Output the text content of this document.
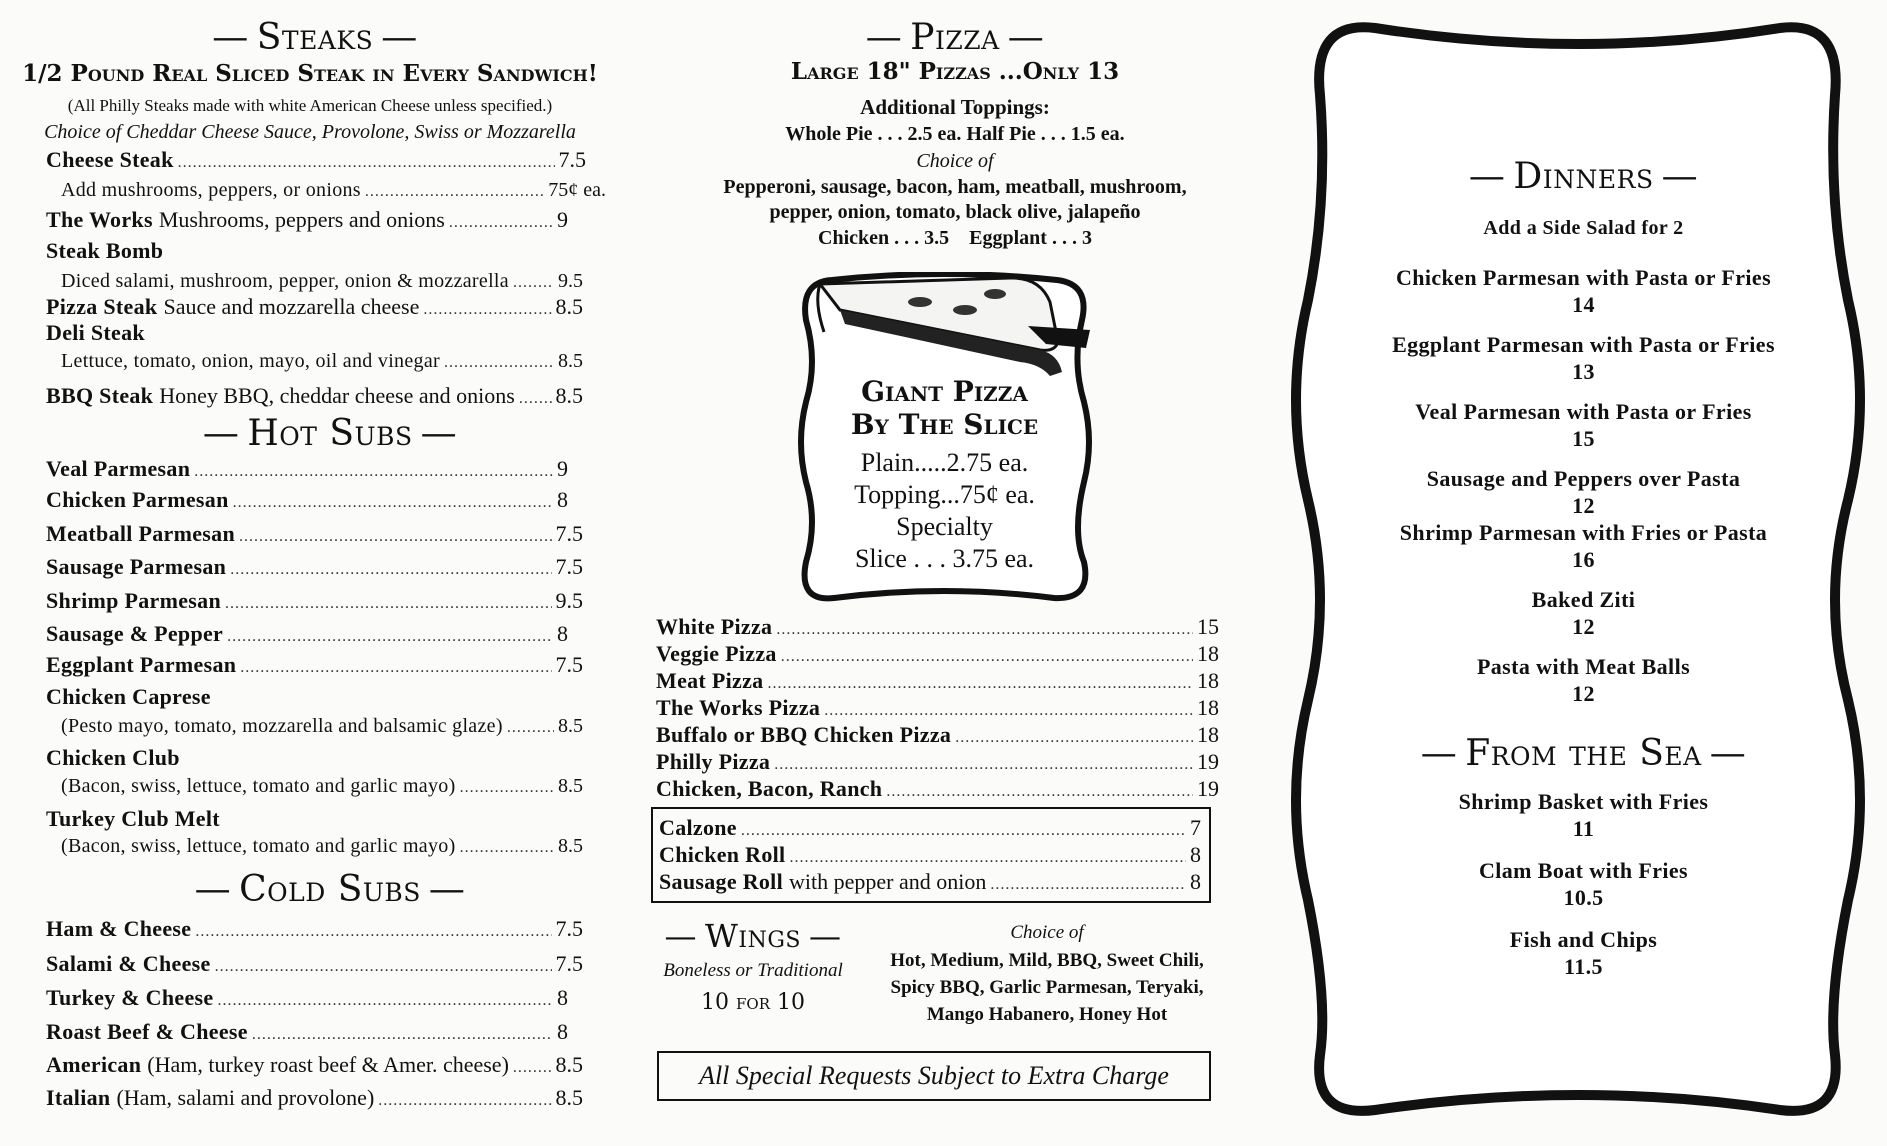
— Steaks —
1/2 Pound Real Sliced Steak in Every Sandwich!
(All Philly Steaks made with white American Cheese unless specified.)
Choice of Cheddar Cheese Sauce, Provolone, Swiss or Mozzarella
Cheese Steak .....	7.5
Add mushrooms, peppers, or onions .....	75¢ ea.
The Works Mushrooms, peppers and onions .....	9
Steak Bomb
Diced salami, mushroom, pepper, onion & mozzarella ..... 9.5
Pizza Steak Sauce and mozzarella cheese .....	8.5
Deli Steak
Lettuce, tomato, onion, mayo, oil and vinegar .....	8.5
BBQ Steak Honey BBQ, cheddar cheese and onions ..... 8.5
— Hot Subs —
Veal Parmesan .....	9
Chicken Parmesan .....	8
Meatball Parmesan .....	7.5
Sausage Parmesan .....	7.5
Shrimp Parmesan .....	9.5
Sausage & Pepper .....	8
Eggplant Parmesan .....	7.5
Chicken Caprese
(Pesto mayo, tomato, mozzarella and balsamic glaze) .....	8.5
Chicken Club
(Bacon, swiss, lettuce, tomato and garlic mayo) .....	8.5
Turkey Club Melt
(Bacon, swiss, lettuce, tomato and garlic mayo) .....	8.5
— Cold Subs —
Ham & Cheese .....	7.5
Salami & Cheese .....	7.5
Turkey & Cheese .....	8
Roast Beef & Cheese .....	8
American (Ham, turkey roast beef & Amer. cheese) ..... 8.5
Italian (Ham, salami and provolone) .....	8.5
— Pizza —
Large 18" Pizzas ...Only 13
Additional Toppings:
Whole Pie . . . 2.5 ea. Half Pie . . . 1.5 ea.
Choice of
Pepperoni, sausage, bacon, ham, meatball, mushroom,
pepper, onion, tomato, black olive, jalapeño
Chicken . . . 3.5    Eggplant . . . 3
Giant Pizza
By The Slice
Plain.....2.75 ea.
Topping...75¢ ea.
Specialty
Slice . . . 3.75 ea.
White Pizza .....	15
Veggie Pizza .....	18
Meat Pizza .....	18
The Works Pizza .....	18
Buffalo or BBQ Chicken Pizza .....	18
Philly Pizza .....	19
Chicken, Bacon, Ranch .....	19
Calzone .....	7
Chicken Roll .....	8
Sausage Roll with pepper and onion .....	8
— Wings —
Boneless or Traditional
10 for 10
Choice of
Hot, Medium, Mild, BBQ, Sweet Chili,
Spicy BBQ, Garlic Parmesan, Teryaki,
Mango Habanero, Honey Hot
All Special Requests Subject to Extra Charge
— Dinners —
Add a Side Salad for 2
Chicken Parmesan with Pasta or Fries
14
Eggplant Parmesan with Pasta or Fries
13
Veal Parmesan with Pasta or Fries
15
Sausage and Peppers over Pasta
12
Shrimp Parmesan with Fries or Pasta
16
Baked Ziti
12
Pasta with Meat Balls
12
— From the Sea —
Shrimp Basket with Fries
11
Clam Boat with Fries
10.5
Fish and Chips
11.5
